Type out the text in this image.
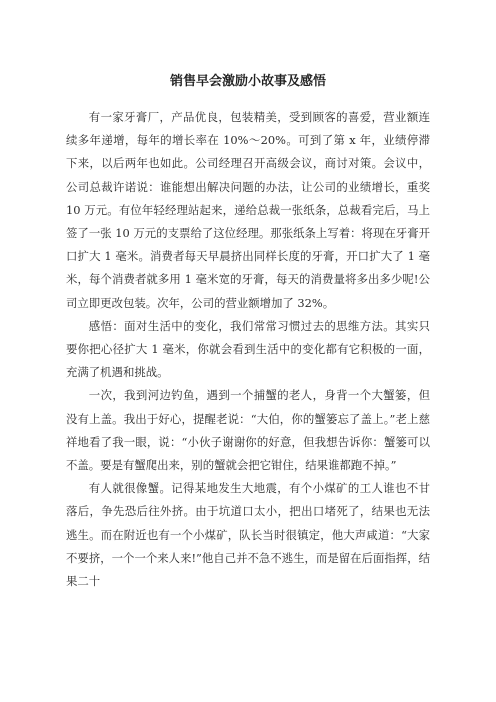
销售早会激励小故事及感悟

有一家牙膏厂，产品优良，包装精美，受到顾客的喜爱，营业额连续多年递增，每年的增长率在 10%～20%。可到了第 x 年，业绩停滞下来，以后两年也如此。公司经理召开高级会议，商讨对策。会议中，公司总裁许诺说：谁能想出解决问题的办法，让公司的业绩增长，重奖 10 万元。有位年轻经理站起来，递给总裁一张纸条，总裁看完后，马上签了一张 10 万元的支票给了这位经理。那张纸条上写着：将现在牙膏开口扩大 1 毫米。消费者每天早晨挤出同样长度的牙膏，开口扩大了 1 毫米，每个消费者就多用 1 毫米宽的牙膏，每天的消费量将多出多少呢!公司立即更改包装。次年，公司的营业额增加了 32%。

感悟：面对生活中的变化，我们常常习惯过去的思维方法。其实只要你把心径扩大 1 毫米，你就会看到生活中的变化都有它积极的一面，充满了机遇和挑战。

一次，我到河边钓鱼，遇到一个捕蟹的老人，身背一个大蟹篓，但没有上盖。我出于好心，提醒老说：“大伯，你的蟹篓忘了盖上。”老上慈祥地看了我一眼，说：“小伙子谢谢你的好意，但我想告诉你：蟹篓可以不盖。要是有蟹爬出来，别的蟹就会把它钳住，结果谁都跑不掉。”

有人就很像蟹。记得某地发生大地震，有个小煤矿的工人谁也不甘落后，争先恐后往外挤。由于坑道口太小，把出口堵死了，结果也无法逃生。而在附近也有一个小煤矿，队长当时很镇定，他大声咸道：“大家不要挤，一个一个来人来!”他自己并不急不逃生，而是留在后面指挥，结果二十
